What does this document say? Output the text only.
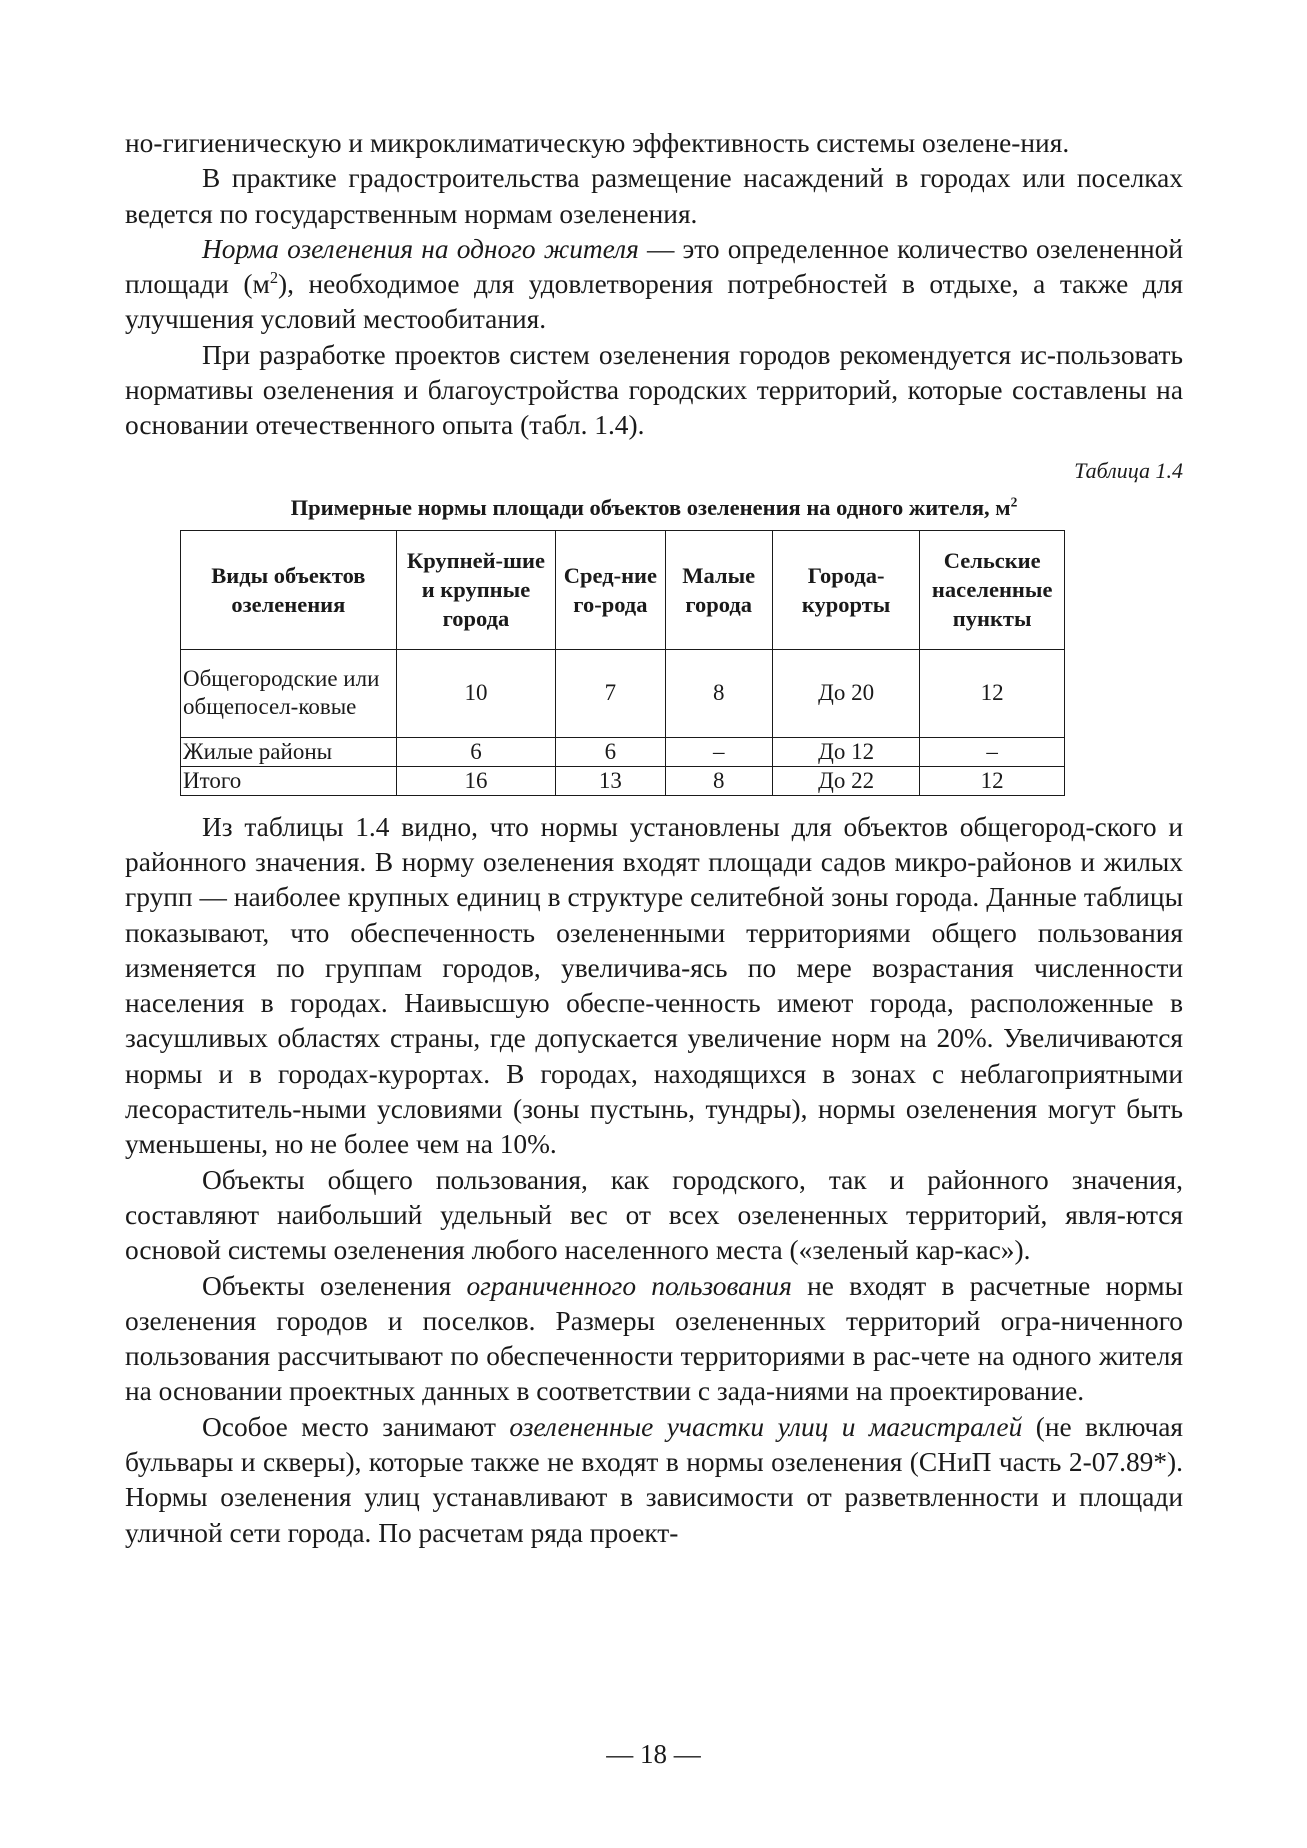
но-гигиеническую и микроклиматическую эффективность системы озелене-ния.

В практике градостроительства размещение насаждений в городах или поселках ведется по государственным нормам озеленения.

Норма озеленения на одного жителя — это определенное количество озелененной площади $(м^2)$, необходимое для удовлетворения потребностей в отдыхе, а также для улучшения условий местообитания.

При разработке проектов систем озеленения городов рекомендуется ис-пользовать нормативы озеленения и благоустройства городских территорий, которые составлены на основании отечественного опыта (табл. 1.4).

Таблица 1.4
Примерные нормы площади объектов озеленения на одного жителя, $м^2$
Виды объектов озеленения	Крупней-шие и крупные города	Сред-ние го-рода	Малые города	Города-курорты	Сельские населенные пункты
Общегородские или общепосел-ковые	10	7	8	До 20	12
Жилые районы	6	6	–	До 12	–
Итого	16	13	8	До 22	12

Из таблицы 1.4 видно, что нормы установлены для объектов общегород-ского и районного значения. В норму озеленения входят площади садов микро-районов и жилых групп — наиболее крупных единиц в структуре селитебной зоны города. Данные таблицы показывают, что обеспеченность озелененными территориями общего пользования изменяется по группам городов, увеличива-ясь по мере возрастания численности населения в городах. Наивысшую обеспе-ченность имеют города, расположенные в засушливых областях страны, где допускается увеличение норм на 20%. Увеличиваются нормы и в городах-курортах. В городах, находящихся в зонах с неблагоприятными лесораститель-ными условиями (зоны пустынь, тундры), нормы озеленения могут быть уменьшены, но не более чем на 10%.

Объекты общего пользования, как городского, так и районного значения, составляют наибольший удельный вес от всех озелененных территорий, явля-ются основой системы озеленения любого населенного места («зеленый кар-кас»).

Объекты озеленения ограниченного пользования не входят в расчетные нормы озеленения городов и поселков. Размеры озелененных территорий огра-ниченного пользования рассчитывают по обеспеченности территориями в рас-чете на одного жителя на основании проектных данных в соответствии с зада-ниями на проектирование.

Особое место занимают озелененные участки улиц и магистралей (не включая бульвары и скверы), которые также не входят в нормы озеленения (СНиП часть 2-07.89*). Нормы озеленения улиц устанавливают в зависимости от разветвленности и площади уличной сети города. По расчетам ряда проект-

— 18 —
